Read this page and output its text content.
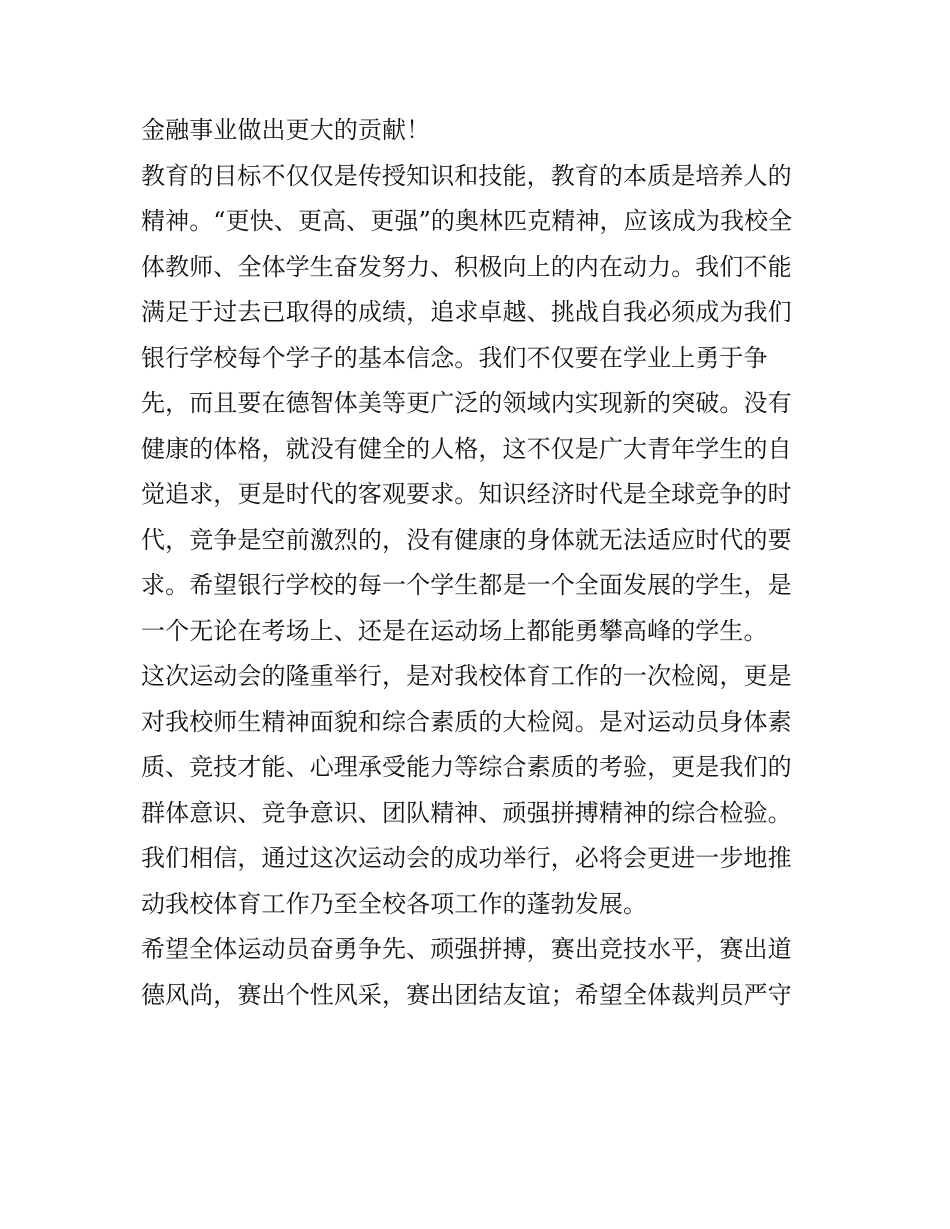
金融事业做出更大的贡献！
教育的目标不仅仅是传授知识和技能，教育的本质是培养人的
精神。“更快、更高、更强”的奥林匹克精神，应该成为我校全
体教师、全体学生奋发努力、积极向上的内在动力。我们不能
满足于过去已取得的成绩，追求卓越、挑战自我必须成为我们
银行学校每个学子的基本信念。我们不仅要在学业上勇于争
先，而且要在德智体美等更广泛的领域内实现新的突破。没有
健康的体格，就没有健全的人格，这不仅是广大青年学生的自
觉追求，更是时代的客观要求。知识经济时代是全球竞争的时
代，竞争是空前激烈的，没有健康的身体就无法适应时代的要
求。希望银行学校的每一个学生都是一个全面发展的学生，是
一个无论在考场上、还是在运动场上都能勇攀高峰的学生。
这次运动会的隆重举行，是对我校体育工作的一次检阅，更是
对我校师生精神面貌和综合素质的大检阅。是对运动员身体素
质、竞技才能、心理承受能力等综合素质的考验，更是我们的
群体意识、竞争意识、团队精神、顽强拼搏精神的综合检验。
我们相信，通过这次运动会的成功举行，必将会更进一步地推
动我校体育工作乃至全校各项工作的蓬勃发展。
希望全体运动员奋勇争先、顽强拼搏，赛出竞技水平，赛出道
德风尚，赛出个性风采，赛出团结友谊；希望全体裁判员严守
